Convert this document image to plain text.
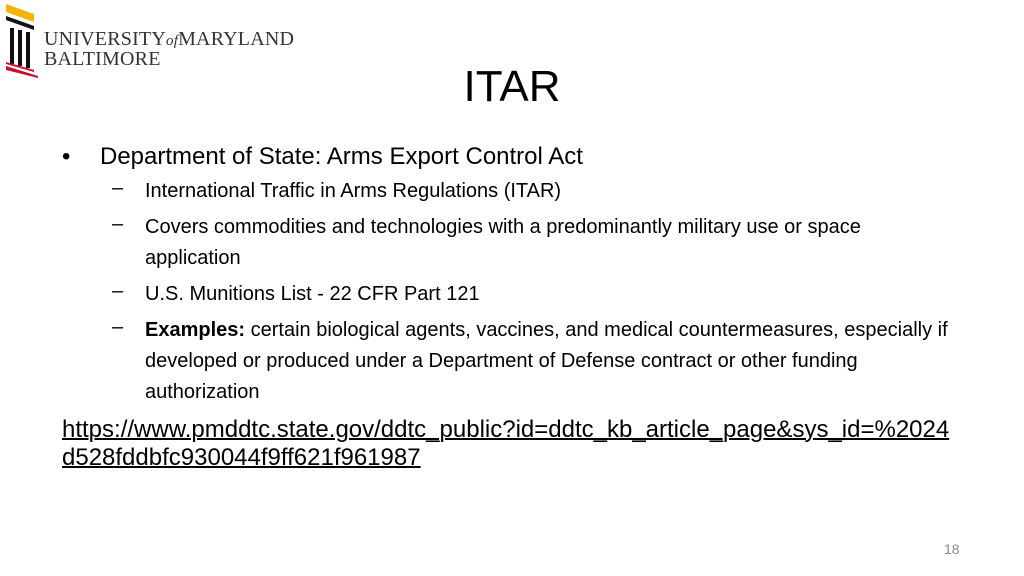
UNIVERSITYofMARYLAND
BALTIMORE
ITAR
• Department of State: Arms Export Control Act
– International Traffic in Arms Regulations (ITAR)
– Covers commodities and technologies with a predominantly military use or space application
– U.S. Munitions List - 22 CFR Part 121
– Examples: certain biological agents, vaccines, and medical countermeasures, especially if developed or produced under a Department of Defense contract or other funding authorization
https://www.pmddtc.state.gov/ddtc_public?id=ddtc_kb_article_page&sys_id=%2024d528fddbfc930044f9ff621f961987
18
